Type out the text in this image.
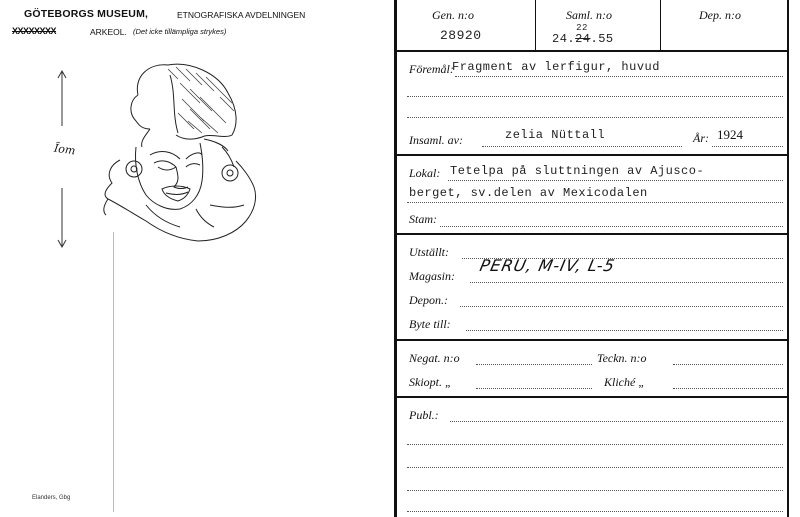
GÖTEBORGS MUSEUM,	ETNOGRAFISKA AVDELNINGEN
XXXXXXXX	ARKEOL. (Det icke tillämpliga strykes)
Ĩom
Elanders, Gbg
Gen. n:o
28920
Saml. n:o
24.24
22
.55
Dep. n:o
Föremål:
Fragment av lerfigur, huvud
Insaml. av:	zelia Nüttall	År: 1924
Lokal: Tetelpa på sluttningen av Ajusco-
berget, sv.delen av Mexicodalen
Stam:
Utställt:
Magasin:
PERU, M-IV, L-5
Depon.:
Byte till:
Negat. n:o	Teckn. n:o
Skiopt. „	Kliché „
Publ.:
